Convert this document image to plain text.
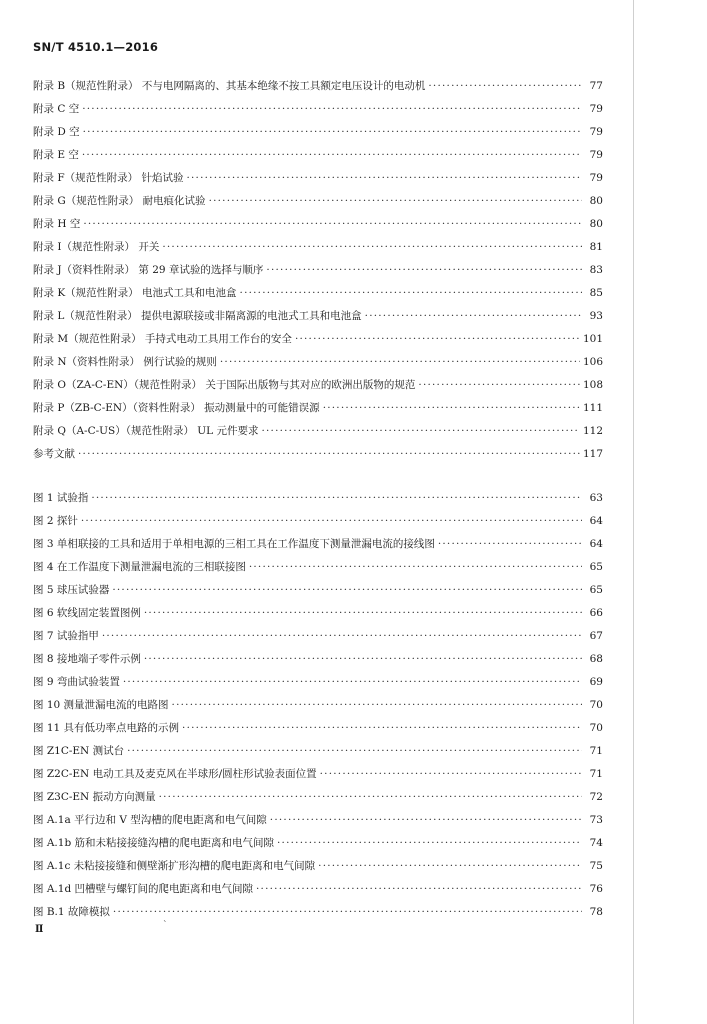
SN/T 4510.1—2016
附录 B（规范性附录） 不与电网隔离的、其基本绝缘不按工具额定电压设计的电动机 ·····	77
附录 C 空 ·····	79
附录 D 空 ·····	79
附录 E 空 ·····	79
附录 F（规范性附录） 针焰试验 ·····	79
附录 G（规范性附录） 耐电痕化试验 ·····	80
附录 H 空 ·····	80
附录 I（规范性附录） 开关 ·····	81
附录 J（资料性附录） 第 29 章试验的选择与顺序 ·····	83
附录 K（规范性附录） 电池式工具和电池盒 ·····	85
附录 L（规范性附录） 提供电源联接或非隔离源的电池式工具和电池盒 ·····	93
附录 M（规范性附录） 手持式电动工具用工作台的安全 ·····	101
附录 N（资料性附录） 例行试验的规则 ·····	106
附录 O（ZA-C-EN）（规范性附录） 关于国际出版物与其对应的欧洲出版物的规范 ·····	108
附录 P（ZB-C-EN）（资料性附录） 振动测量中的可能错误源 ·····	111
附录 Q（A-C-US）（规范性附录） UL 元件要求 ·····	112
参考文献 ·····	117
图 1 试验指 ·····	63
图 2 探针 ·····	64
图 3 单相联接的工具和适用于单相电源的三相工具在工作温度下测量泄漏电流的接线图 ·····	64
图 4 在工作温度下测量泄漏电流的三相联接图 ·····	65
图 5 球压试验器 ·····	65
图 6 软线固定装置图例 ·····	66
图 7 试验指甲 ·····	67
图 8 接地端子零件示例 ·····	68
图 9 弯曲试验装置 ·····	69
图 10 测量泄漏电流的电路图 ·····	70
图 11 具有低功率点电路的示例 ·····	70
图 Z1C-EN 测试台 ·····	71
图 Z2C-EN 电动工具及麦克风在半球形/圆柱形试验表面位置 ·····	71
图 Z3C-EN 振动方向测量 ·····	72
图 A.1a 平行边和 V 型沟槽的爬电距离和电气间隙 ·····	73
图 A.1b 筋和未粘接接缝沟槽的爬电距离和电气间隙 ·····	74
图 A.1c 未粘接接缝和侧壁渐扩形沟槽的爬电距离和电气间隙 ·····	75
图 A.1d 凹槽壁与螺钉间的爬电距离和电气间隙 ·····	76
图 B.1 故障模拟 ·····	78
Ⅱ	`
